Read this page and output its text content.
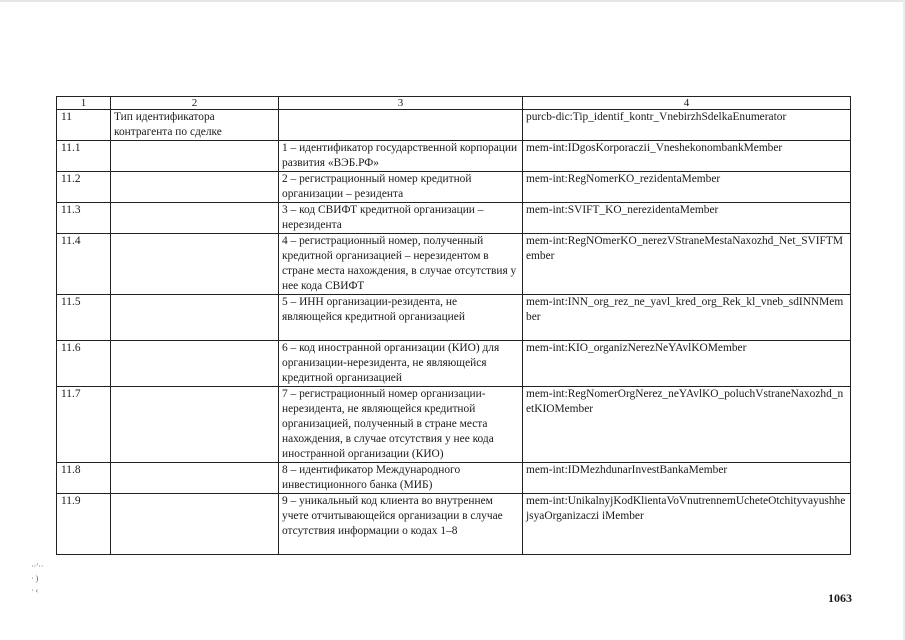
1	2	3	4
11	Тип идентификатора контрагента по сделке		purcb-dic:Tip_identif_kontr_VnebirzhSdelkaEnumerator
11.1		1 – идентификатор государственной корпорации развития «ВЭБ.РФ»	mem-int:IDgosKorporaczii_VneshekonombankMember
11.2		2 – регистрационный номер кредитной организации – резидента	mem-int:RegNomerKO_rezidentaMember
11.3		3 – код СВИФТ кредитной организации – нерезидента	mem-int:SVIFT_KO_nerezidentaMember
11.4		4 – регистрационный номер, полученный кредитной организацией – нерезидентом в стране места нахождения, в случае отсутствия у нее кода СВИФТ	mem-int:RegNOmerKO_nerezVStraneMestaNaxozhd_Net_SVIFTMember
11.5		5 – ИНН организации-резидента, не являющейся кредитной организацией	mem-int:INN_org_rez_ne_yavl_kred_org_Rek_kl_vneb_sdINNMember
11.6		6 – код иностранной организации (КИО) для организации-нерезидента, не являющейся кредитной организацией	mem-int:KIO_organizNerezNeYAvlKOMember
11.7		7 – регистрационный номер организации-нерезидента, не являющейся кредитной организацией, полученный в стране места нахождения, в случае отсутствия у нее кода иностранной организации (КИО)	mem-int:RegNomerOrgNerez_neYAvlKO_poluchVstraneNaxozhd_netKIOMember
11.8		8 – идентификатор Международного инвестиционного банка (МИБ)	mem-int:IDMezhdunarInvestBankaMember
11.9		9 – уникальный код клиента во внутреннем учете отчитывающейся организации в случае отсутствия информации о кодах 1–8	mem-int:UnikalnyjKodKlientaVoVnutrennemUcheteOtchityvayushhejsyaOrganizaczi iMember
··′··
· )
· ‹
1063
